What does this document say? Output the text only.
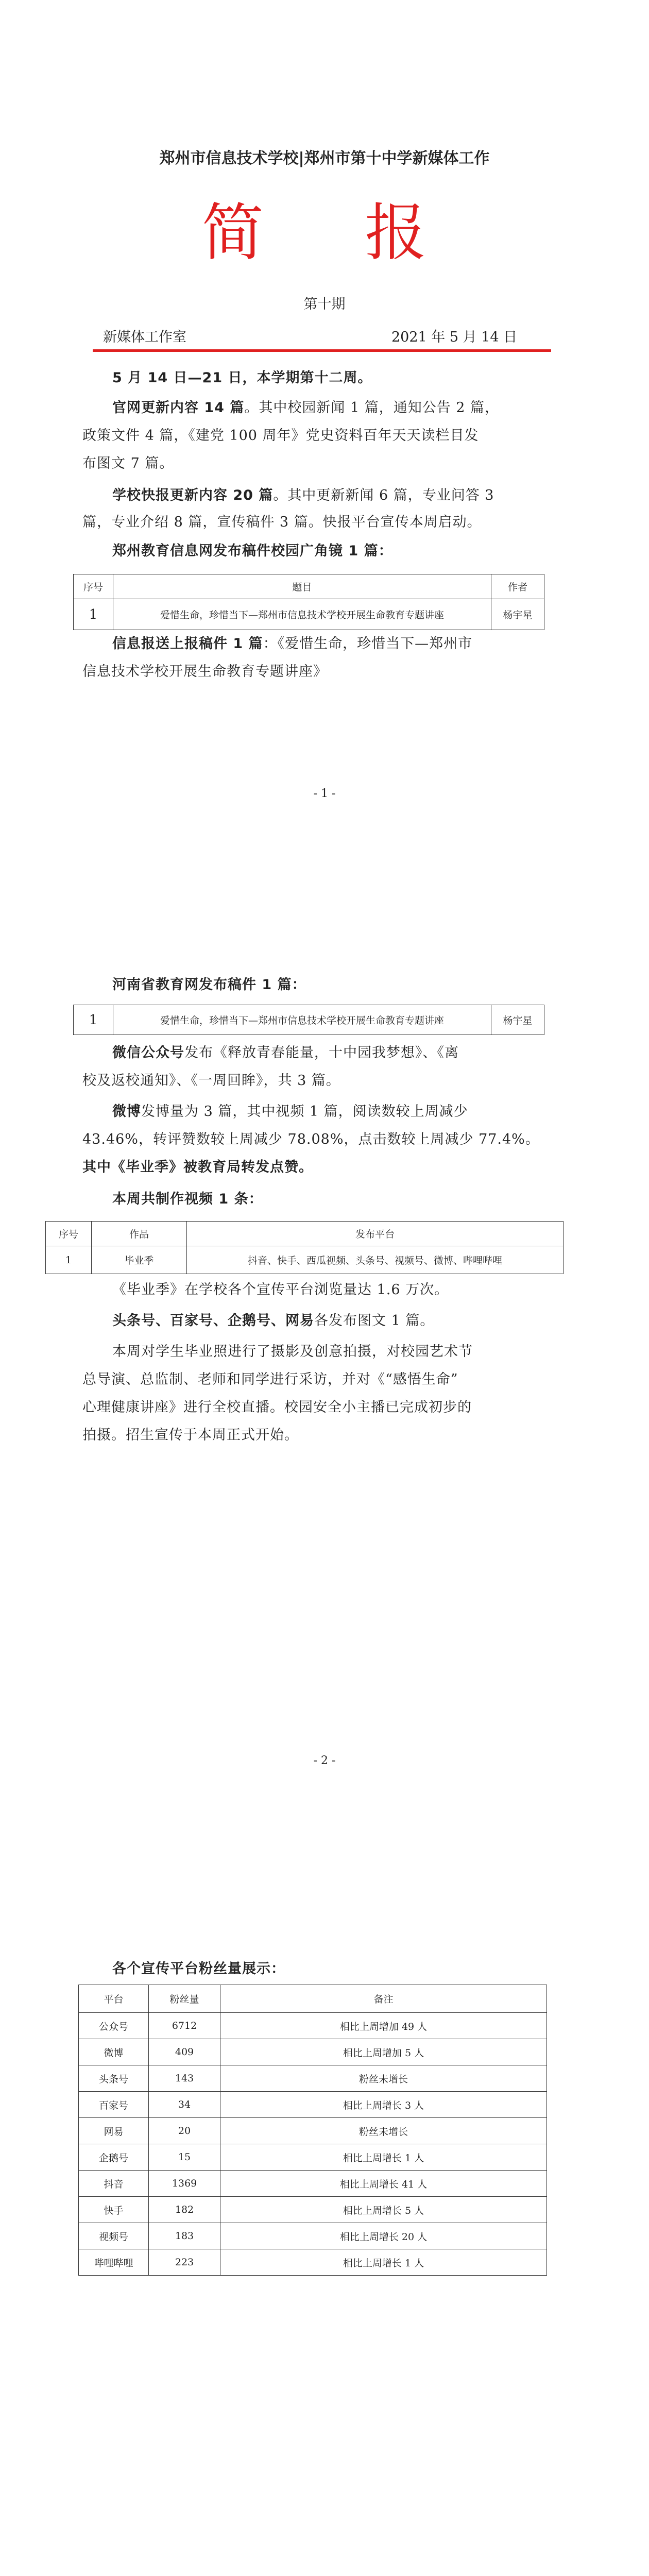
郑州市信息技术学校|郑州市第十中学新媒体工作
简  报
第十期
新媒体工作室	2021 年 5 月 14 日
5 月 14 日—21 日，本学期第十二周。
官网更新内容 14 篇。其中校园新闻 1 篇，通知公告 2 篇，
政策文件 4 篇，《建党 100 周年》党史资料百年天天读栏目发
布图文 7 篇。
学校快报更新内容 20 篇。其中更新新闻 6 篇，专业问答 3
篇，专业介绍 8 篇，宣传稿件 3 篇。快报平台宣传本周启动。
郑州教育信息网发布稿件校园广角镜 1 篇：
序号	题目	作者
1	爱惜生命，珍惜当下—郑州市信息技术学校开展生命教育专题讲座	杨宇星
信息报送上报稿件 1 篇：《爱惜生命，珍惜当下—郑州市
信息技术学校开展生命教育专题讲座》
- 1 -
河南省教育网发布稿件 1 篇：
1	爱惜生命，珍惜当下—郑州市信息技术学校开展生命教育专题讲座	杨宇星
微信公众号发布《释放青春能量，十中园我梦想》、《离
校及返校通知》、《一周回眸》，共 3 篇。
微博发博量为 3 篇，其中视频 1 篇，阅读数较上周减少
43.46%，转评赞数较上周减少 78.08%，点击数较上周减少 77.4%。
其中《毕业季》被教育局转发点赞。
本周共制作视频 1 条：
序号	作品	发布平台
1	毕业季	抖音、快手、西瓜视频、头条号、视频号、微博、哔哩哔哩
《毕业季》在学校各个宣传平台浏览量达 1.6 万次。
头条号、百家号、企鹅号、网易各发布图文 1 篇。
本周对学生毕业照进行了摄影及创意拍摄，对校园艺术节
总导演、总监制、老师和同学进行采访，并对《“感悟生命”
心理健康讲座》进行全校直播。校园安全小主播已完成初步的
拍摄。招生宣传于本周正式开始。
- 2 -
各个宣传平台粉丝量展示：
平台	粉丝量	备注
公众号	6712	相比上周增加 49 人
微博	409	相比上周增加 5 人
头条号	143	粉丝未增长
百家号	34	相比上周增长 3 人
网易	20	粉丝未增长
企鹅号	15	相比上周增长 1 人
抖音	1369	相比上周增长 41 人
快手	182	相比上周增长 5 人
视频号	183	相比上周增长 20 人
哔哩哔哩	223	相比上周增长 1 人
